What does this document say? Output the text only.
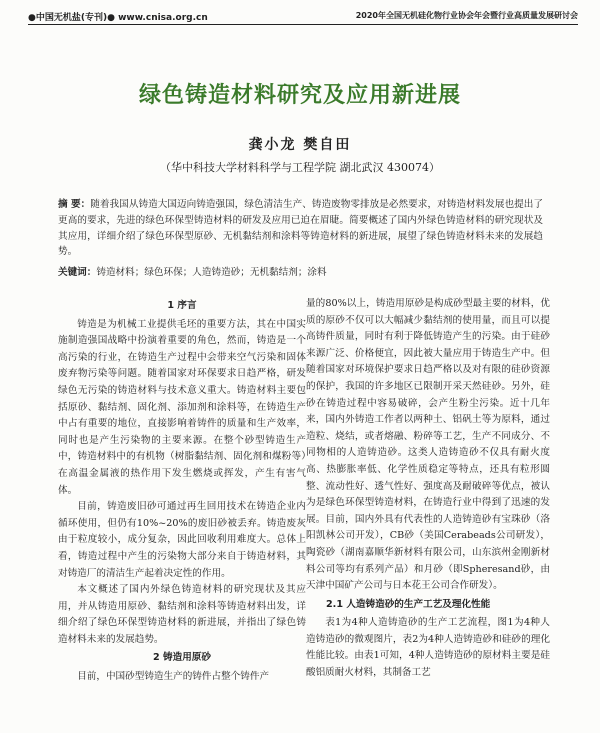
●中国无机盐(专刊)● www.cnisa.org.cn	2020年全国无机硅化物行业协会年会暨行业高质量发展研讨会
绿色铸造材料研究及应用新进展
龚小龙 樊自田
（华中科技大学材料科学与工程学院 湖北武汉 430074）
摘 要：随着我国从铸造大国迈向铸造强国，绿色清洁生产、铸造废物零排放是必然要求，对铸造材料发展也提出了更高的要求，先进的绿色环保型铸造材料的研发及应用已迫在眉睫。简要概述了国内外绿色铸造材料的研究现状及其应用，详细介绍了绿色环保型原砂、无机黏结剂和涂料等铸造材料的新进展，展望了绿色铸造材料未来的发展趋势。
关键词：铸造材料；绿色环保；人造铸造砂；无机黏结剂；涂料
1 序言

铸造是为机械工业提供毛坯的重要方法，其在中国实施制造强国战略中扮演着重要的角色，然而，铸造是一个高污染的行业，在铸造生产过程中会带来空气污染和固体废弃物污染等问题。随着国家对环保要求日趋严格，研发绿色无污染的铸造材料与技术意义重大。铸造材料主要包括原砂、黏结剂、固化剂、添加剂和涂料等，在铸造生产中占有重要的地位，直接影响着铸件的质量和生产效率，同时也是产生污染物的主要来源。在整个砂型铸造生产中，铸造材料中的有机物（树脂黏结剂、固化剂和煤粉等）在高温金属液的热作用下发生燃烧或挥发，产生有害气体。

目前，铸造废旧砂可通过再生回用技术在铸造企业内循环使用，但仍有10%~20%的废旧砂被丢弃。铸造废灰由于粒度较小，成分复杂，因此回收利用难度大。总体上看，铸造过程中产生的污染物大部分来自于铸造材料，其对铸造厂的清洁生产起着决定性的作用。

本文概述了国内外绿色铸造材料的研究现状及其应用，并从铸造用原砂、黏结剂和涂料等铸造材料出发，详细介绍了绿色环保型铸造材料的新进展，并指出了绿色铸造材料未来的发展趋势。

2 铸造用原砂

目前，中国砂型铸造生产的铸件占整个铸件产

量的80%以上，铸造用原砂是构成砂型最主要的材料，优质的原砂不仅可以大幅减少黏结剂的使用量，而且可以提高铸件质量，同时有利于降低铸造产生的污染。由于硅砂来源广泛、价格便宜，因此被大量应用于铸造生产中。但随着国家对环境保护要求日趋严格以及对有限的硅砂资源的保护，我国的许多地区已限制开采天然硅砂。另外，硅砂在铸造过程中容易破碎，会产生粉尘污染。近十几年来，国内外铸造工作者以两种土、铝矾土等为原料，通过造粒、烧结，或者熔融、粉碎等工艺，生产不同成分、不同物相的人造铸造砂。这类人造铸造砂不仅具有耐火度高、热膨胀率低、化学性质稳定等特点，还具有粒形圆整、流动性好、透气性好、强度高及耐破碎等优点，被认为是绿色环保型铸造材料，在铸造行业中得到了迅速的发展。目前，国内外具有代表性的人造铸造砂有宝珠砂（洛阳凯林公司开发），CB砂（美国Cerabeads公司研发），陶瓷砂（湖南嘉顺华新材料有限公司，山东滨州金刚新材料公司等均有系列产品）和月砂（即Spheresand砂，由天津中国矿产公司与日本花王公司合作研发）。

2.1 人造铸造砂的生产工艺及理化性能

表1为4种人造铸造砂的生产工艺流程，图1为4种人造铸造砂的微观图片，表2为4种人造铸造砂和硅砂的理化性能比较。由表1可知，4种人造铸造砂的原材料主要是硅酸铝质耐火材料，其制备工艺
